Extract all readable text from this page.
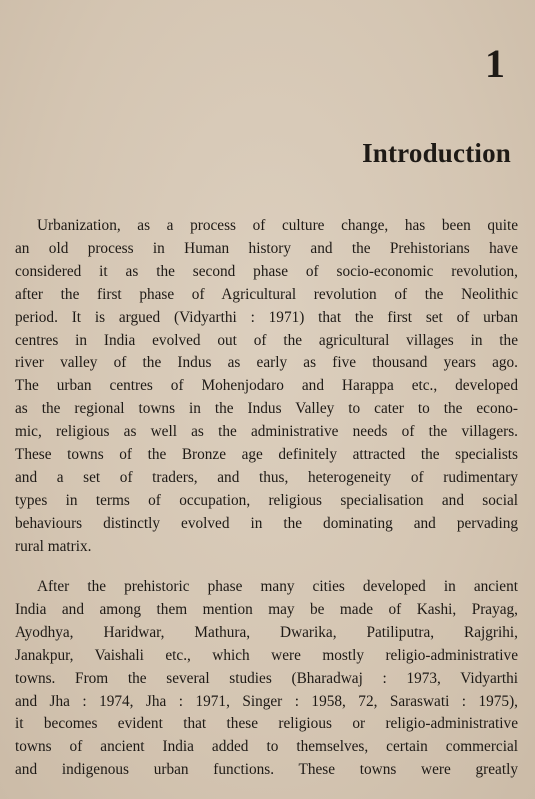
1
Introduction

Urbanization, as a process of culture change, has been quite
an old process in Human history and the Prehistorians have
considered it as the second phase of socio-economic revolution,
after the first phase of Agricultural revolution of the Neolithic
period. It is argued (Vidyarthi : 1971) that the first set of urban
centres in India evolved out of the agricultural villages in the
river valley of the Indus as early as five thousand years ago.
The urban centres of Mohenjodaro and Harappa etc., developed
as the regional towns in the Indus Valley to cater to the econo-
mic, religious as well as the administrative needs of the villagers.
These towns of the Bronze age definitely attracted the specialists
and a set of traders, and thus, heterogeneity of rudimentary
types in terms of occupation, religious specialisation and social
behaviours distinctly evolved in the dominating and pervading
rural matrix.

After the prehistoric phase many cities developed in ancient
India and among them mention may be made of Kashi, Prayag,
Ayodhya, Haridwar, Mathura, Dwarika, Patiliputra, Rajgrihi,
Janakpur, Vaishali etc., which were mostly religio-administrative
towns. From the several studies (Bharadwaj : 1973, Vidyarthi
and Jha : 1974, Jha : 1971, Singer : 1958, 72, Saraswati : 1975),
it becomes evident that these religious or religio-administrative
towns of ancient India added to themselves, certain commercial
and indigenous urban functions. These towns were greatly
